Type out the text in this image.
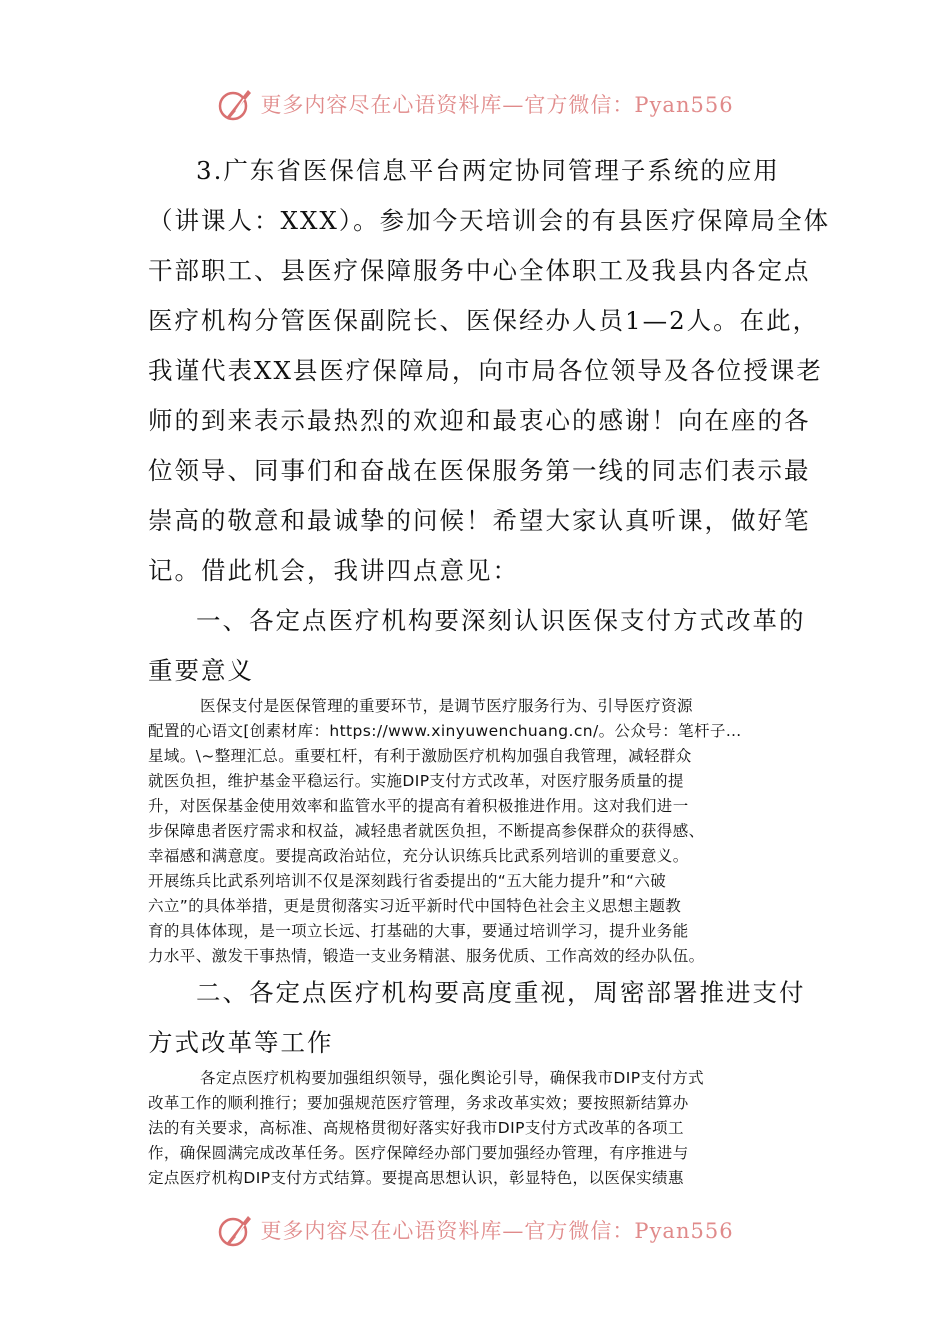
更多内容尽在心语资料库—官方微信：Pyan556
3.广东省医保信息平台两定协同管理子系统的应用
（讲课人：XXX）。参加今天培训会的有县医疗保障局全体
干部职工、县医疗保障服务中心全体职工及我县内各定点
医疗机构分管医保副院长、医保经办人员1—2人。在此，
我谨代表XX县医疗保障局，向市局各位领导及各位授课老
师的到来表示最热烈的欢迎和最衷心的感谢！向在座的各
位领导、同事们和奋战在医保服务第一线的同志们表示最
崇高的敬意和最诚挚的问候！希望大家认真听课，做好笔
记。借此机会，我讲四点意见：
一、各定点医疗机构要深刻认识医保支付方式改革的
重要意义
医保支付是医保管理的重要环节，是调节医疗服务行为、引导医疗资源
配置的心语文[创素材库：https://www.xinyuwenchuang.cn/。公众号：笔杆子…
星域。\~整理汇总。重要杠杆，有利于激励医疗机构加强自我管理，减轻群众
就医负担，维护基金平稳运行。实施DIP支付方式改革，对医疗服务质量的提
升，对医保基金使用效率和监管水平的提高有着积极推进作用。这对我们进一
步保障患者医疗需求和权益，减轻患者就医负担，不断提高参保群众的获得感、
幸福感和满意度。要提高政治站位，充分认识练兵比武系列培训的重要意义。
开展练兵比武系列培训不仅是深刻践行省委提出的“五大能力提升”和“六破
六立”的具体举措，更是贯彻落实习近平新时代中国特色社会主义思想主题教
育的具体体现，是一项立长远、打基础的大事，要通过培训学习，提升业务能
力水平、激发干事热情，锻造一支业务精湛、服务优质、工作高效的经办队伍。
二、各定点医疗机构要高度重视，周密部署推进支付
方式改革等工作
各定点医疗机构要加强组织领导，强化舆论引导，确保我市DIP支付方式
改革工作的顺利推行；要加强规范医疗管理，务求改革实效；要按照新结算办
法的有关要求，高标准、高规格贯彻好落实好我市DIP支付方式改革的各项工
作，确保圆满完成改革任务。医疗保障经办部门要加强经办管理，有序推进与
定点医疗机构DIP支付方式结算。要提高思想认识，彰显特色，以医保实绩惠
更多内容尽在心语资料库—官方微信：Pyan556
